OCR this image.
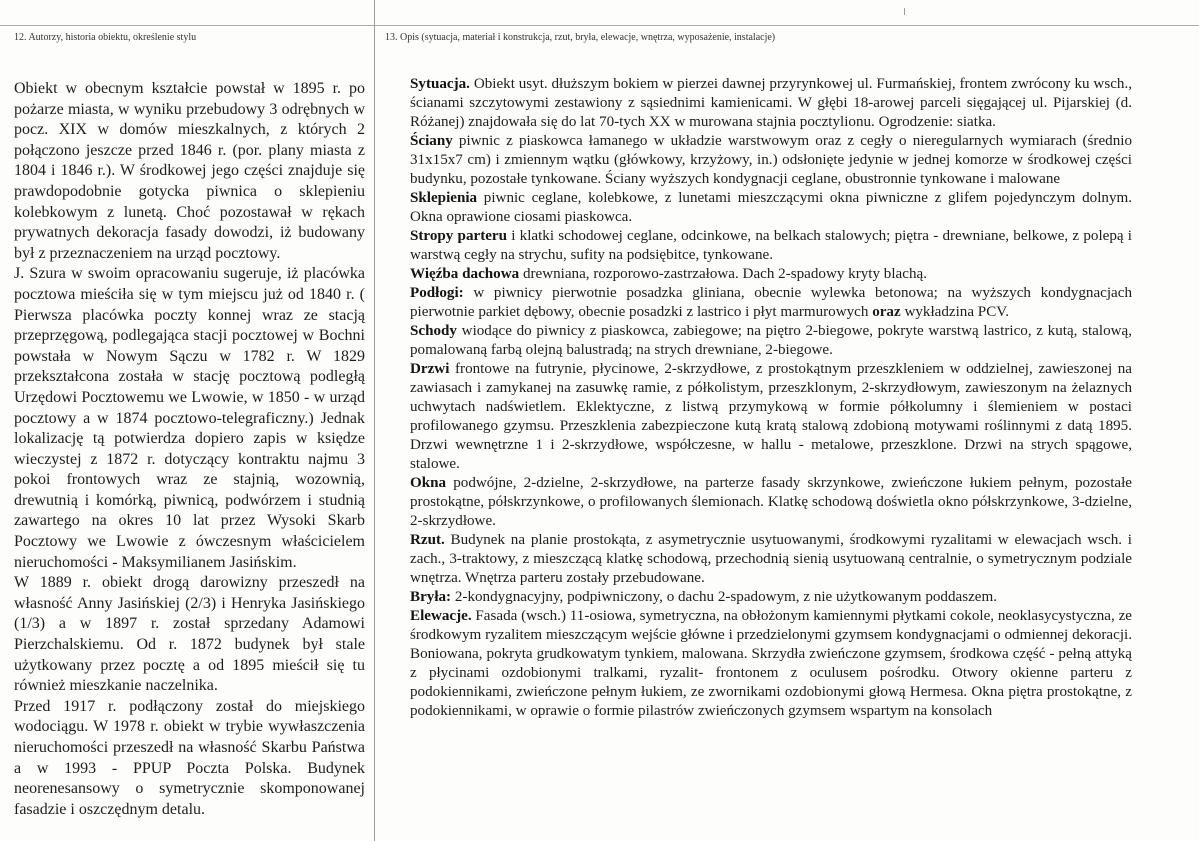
12. Autorzy, historia obiektu, określenie stylu	13. Opis (sytuacja, materiał i konstrukcja, rzut, bryła, elewacje, wnętrza, wyposażenie, instalacje)

Obiekt w obecnym kształcie powstał w 1895 r. po pożarze miasta, w wyniku przebudowy 3 odrębnych w pocz. XIX w domów mieszkalnych, z których 2 połączono jeszcze przed 1846 r. (por. plany miasta z 1804 i 1846 r.). W środkowej jego części znajduje się prawdopodobnie gotycka piwnica o sklepieniu kolebkowym z lunetą. Choć pozostawał w rękach prywatnych dekoracja fasady dowodzi, iż budowany był z przeznaczeniem na urząd pocztowy.

J. Szura w swoim opracowaniu sugeruje, iż placówka pocztowa mieściła się w tym miejscu już od 1840 r. ( Pierwsza placówka poczty konnej wraz ze stacją przeprzęgową, podlegająca stacji pocztowej w Bochni powstała w Nowym Sączu w 1782 r. W 1829 przekształcona została w stację pocztową podległą Urzędowi Pocztowemu we Lwowie, w 1850 - w urząd pocztowy a w 1874 pocztowo-telegraficzny.) Jednak lokalizację tą potwierdza dopiero zapis w księdze wieczystej z 1872 r. dotyczący kontraktu najmu 3 pokoi frontowych wraz ze stajnią, wozownią, drewutnią i komórką, piwnicą, podwórzem i studnią zawartego na okres 10 lat przez Wysoki Skarb Pocztowy we Lwowie z ówczesnym właścicielem nieruchomości - Maksymilianem Jasińskim.

W 1889 r. obiekt drogą darowizny przeszedł na własność Anny Jasińskiej (2/3) i Henryka Jasińskiego (1/3) a w 1897 r. został sprzedany Adamowi Pierzchalskiemu. Od r. 1872 budynek był stale użytkowany przez pocztę a od 1895 mieścił się tu również mieszkanie naczelnika.

Przed 1917 r. podłączony został do miejskiego wodociągu. W 1978 r. obiekt w trybie wywłaszczenia nieruchomości przeszedł na własność Skarbu Państwa a w 1993 - PPUP Poczta Polska. Budynek neorenesansowy o symetrycznie skomponowanej fasadzie i oszczędnym detalu.

Sytuacja. Obiekt usyt. dłuższym bokiem w pierzei dawnej przyrynkowej ul. Furmańskiej, frontem zwrócony ku wsch., ścianami szczytowymi zestawiony z sąsiednimi kamienicami. W głębi 18-arowej parceli sięgającej ul. Pijarskiej (d. Różanej) znajdowała się do lat 70-tych XX w murowana stajnia pocztylionu. Ogrodzenie: siatka.

Ściany piwnic z piaskowca łamanego w układzie warstwowym oraz z cegły o nieregularnych wymiarach (średnio 31x15x7 cm) i zmiennym wątku (główkowy, krzyżowy, in.) odsłonięte jedynie w jednej komorze w środkowej części budynku, pozostałe tynkowane. Ściany wyższych kondygnacji ceglane, obustronnie tynkowane i malowane

Sklepienia piwnic ceglane, kolebkowe, z lunetami mieszczącymi okna piwniczne z glifem pojedynczym dolnym. Okna oprawione ciosami piaskowca.

Stropy parteru i klatki schodowej ceglane, odcinkowe, na belkach stalowych; piętra - drewniane, belkowe, z polepą i warstwą cegły na strychu, sufity na podsiębitce, tynkowane.

Więźba dachowa drewniana, rozporowo-zastrzałowa. Dach 2-spadowy kryty blachą.

Podłogi: w piwnicy pierwotnie posadzka gliniana, obecnie wylewka betonowa; na wyższych kondygnacjach pierwotnie parkiet dębowy, obecnie posadzki z lastrico i płyt marmurowych oraz wykładzina PCV.

Schody wiodące do piwnicy z piaskowca, zabiegowe; na piętro 2-biegowe, pokryte warstwą lastrico, z kutą, stalową, pomalowaną farbą olejną balustradą; na strych drewniane, 2-biegowe.

Drzwi frontowe na futrynie, płycinowe, 2-skrzydłowe, z prostokątnym przeszkleniem w oddzielnej, zawieszonej na zawiasach i zamykanej na zasuwkę ramie, z półkolistym, przeszklonym, 2-skrzydłowym, zawieszonym na żelaznych uchwytach nadświetlem. Eklektyczne, z listwą przymykową w formie półkolumny i ślemieniem w postaci profilowanego gzymsu. Przeszklenia zabezpieczone kutą kratą stalową zdobioną motywami roślinnymi z datą 1895. Drzwi wewnętrzne 1 i 2-skrzydłowe, współczesne, w hallu - metalowe, przeszklone. Drzwi na strych spągowe, stalowe.

Okna podwójne, 2-dzielne, 2-skrzydłowe, na parterze fasady skrzynkowe, zwieńczone łukiem pełnym, pozostałe prostokątne, półskrzynkowe, o profilowanych ślemionach. Klatkę schodową doświetla okno półskrzynkowe, 3-dzielne, 2-skrzydłowe.

Rzut. Budynek na planie prostokąta, z asymetrycznie usytuowanymi, środkowymi ryzalitami w elewacjach wsch. i zach., 3-traktowy, z mieszczącą klatkę schodową, przechodnią sienią usytuowaną centralnie, o symetrycznym podziale wnętrza. Wnętrza parteru zostały przebudowane.

Bryła: 2-kondygnacyjny, podpiwniczony, o dachu 2-spadowym, z nie użytkowanym poddaszem.

Elewacje. Fasada (wsch.) 11-osiowa, symetryczna, na obłożonym kamiennymi płytkami cokole, neoklasycystyczna, ze środkowym ryzalitem mieszczącym wejście główne i przedzielonymi gzymsem kondygnacjami o odmiennej dekoracji. Boniowana, pokryta grudkowatym tynkiem, malowana. Skrzydła zwieńczone gzymsem, środkowa część - pełną attyką z płycinami ozdobionymi tralkami, ryzalit- frontonem z oculusem pośrodku. Otwory okienne parteru z podokiennikami, zwieńczone pełnym łukiem, ze zwornikami ozdobionymi głową Hermesa. Okna piętra prostokątne, z podokiennikami, w oprawie o formie pilastrów zwieńczonych gzymsem wspartym na konsolach
